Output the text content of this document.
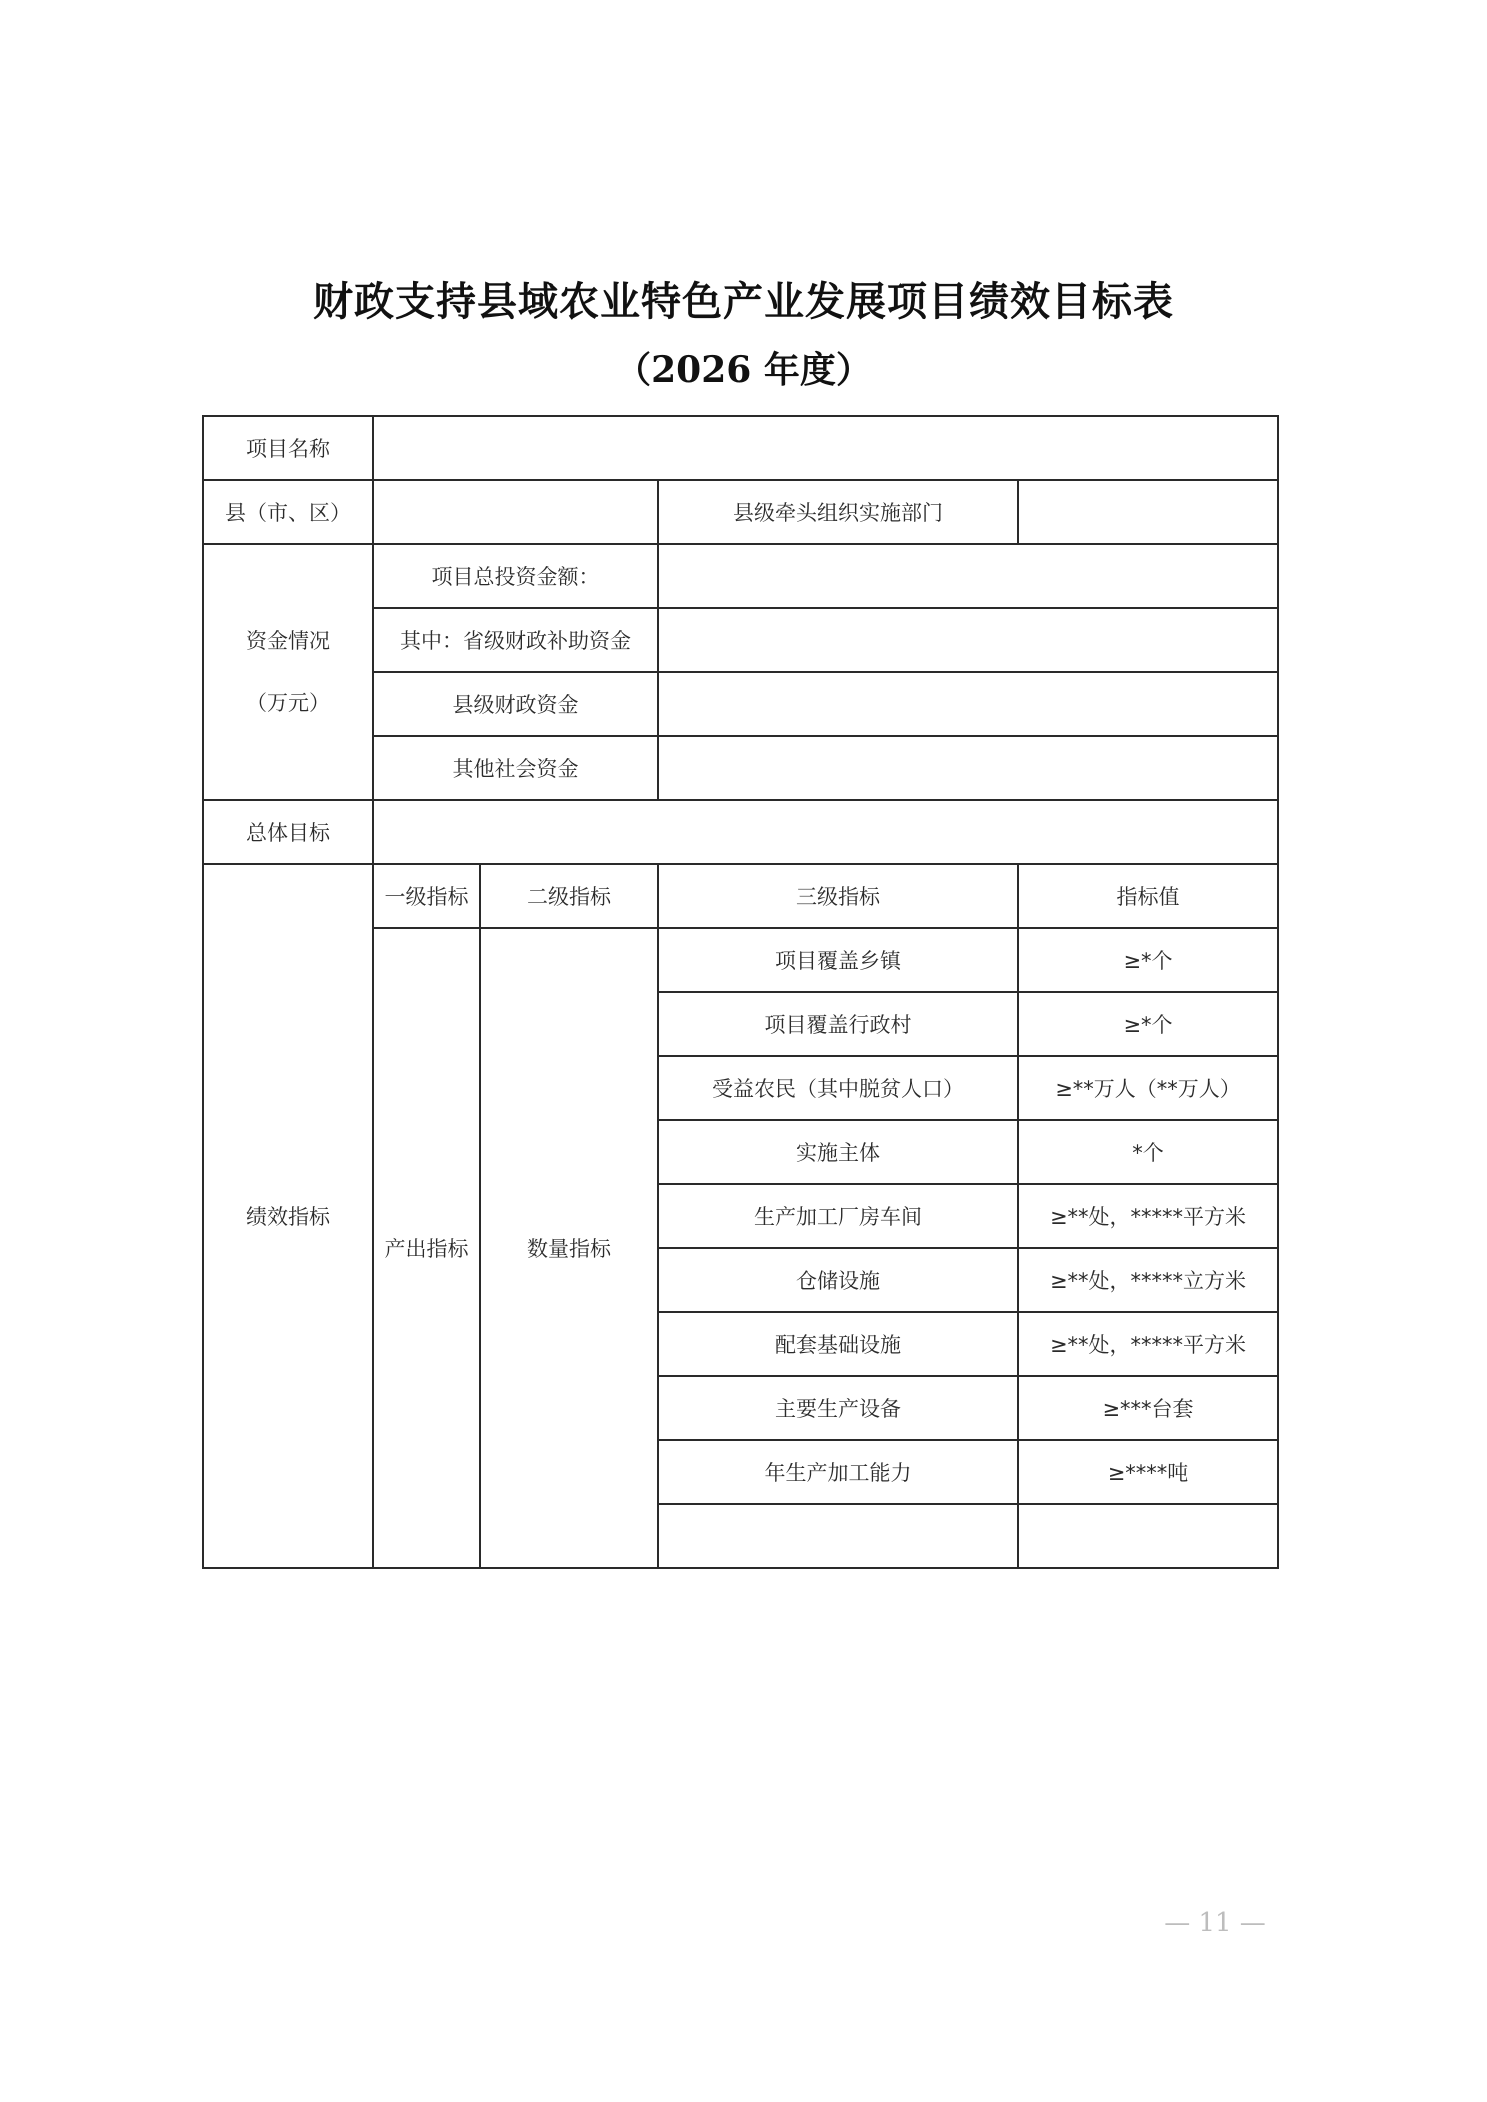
财政支持县域农业特色产业发展项目绩效目标表
（2026 年度）
项目名称				
县（市、区）			县级牵头组织实施部门	

资金情况
（万元）	项目总投资金额：			
	其中：省级财政补助资金			
	县级财政资金			
	其他社会资金			
总体目标				
绩效指标	一级指标	二级指标	三级指标	指标值
	产出指标	数量指标	项目覆盖乡镇	≥*个
			项目覆盖行政村	≥*个
			受益农民（其中脱贫人口）	≥**万人（**万人）
			实施主体	*个
			生产加工厂房车间	≥**处，*****平方米
			仓储设施	≥**处，*****立方米
			配套基础设施	≥**处，*****平方米
			主要生产设备	≥***台套
			年生产加工能力	≥****吨

— 11 —
